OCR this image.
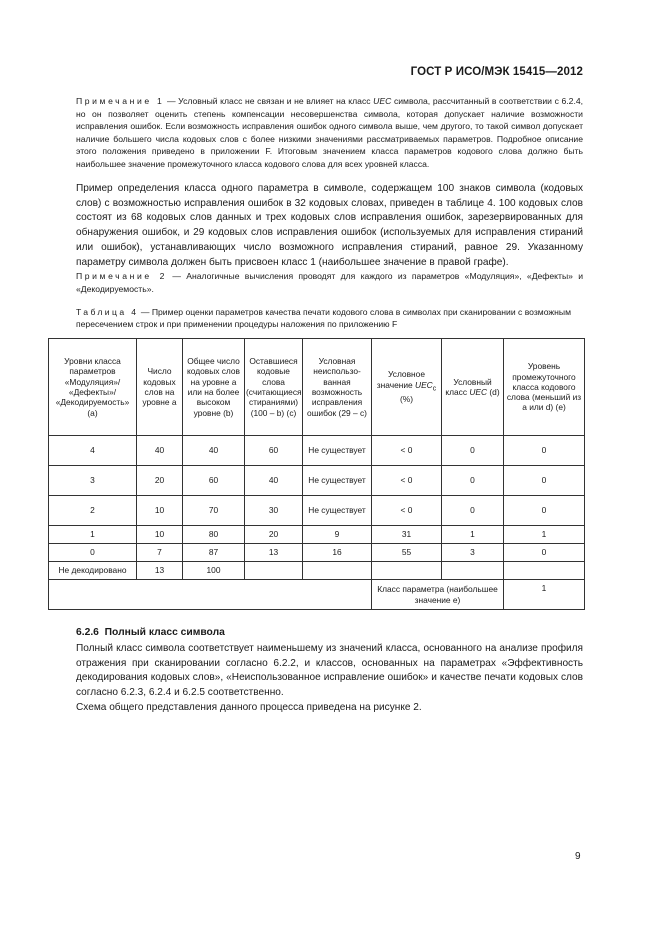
ГОСТ Р ИСО/МЭК 15415—2012
Примечание 1 — Условный класс не связан и не влияет на класс UEC символа, рассчитанный в соответствии с 6.2.4, но он позволяет оценить степень компенсации несовершенства символа, которая допускает наличие возможности исправления ошибок. Если возможность исправления ошибок одного символа выше, чем другого, то такой символ допускает наличие большего числа кодовых слов с более низкими значениями рассматриваемых параметров. Подробное описание этого положения приведено в приложении F. Итоговым значением класса параметров кодового слова должно быть наибольшее значение промежуточного класса кодового слова для всех уровней класса.
Пример определения класса одного параметра в символе, содержащем 100 знаков символа (кодовых слов) с возможностью исправления ошибок в 32 кодовых словах, приведен в таблице 4. 100 кодовых слов состоят из 68 кодовых слов данных и трех кодовых слов исправления ошибок, зарезервированных для обнаружения ошибок, и 29 кодовых слов исправления ошибок (используемых для исправления стираний или ошибок), устанавливающих число возможного исправления стираний, равное 29. Указанному параметру символа должен быть присвоен класс 1 (наибольшее значение в правой графе).
Примечание 2 — Аналогичные вычисления проводят для каждого из параметров «Модуляция», «Дефекты» и «Декодируемость».
Таблица 4 — Пример оценки параметров качества печати кодового слова в символах при сканировании с возможным пересечением строк и при применении процедуры наложения по приложению F
Уровни класса параметров «Модуляция»/ «Дефекты»/ «Декодируемость» (a)	Число кодовых слов на уровне a	Общее число кодовых слов на уровне a или на более высоком уровне (b)	Оставшиеся кодовые слова (считающиеся стираниями) (100 – b) (c)	Условная неиспользованная возможность исправления ошибок (29 – c)	Условное значение $UEC_с$ (%)	Условный класс UEC (d)	Уровень промежуточного класса кодового слова (меньший из a или d) (e)
4	40	40	60	Не существует	< 0	0	0
3	20	60	40	Не существует	< 0	0	0
2	10	70	30	Не существует	< 0	0	0
1	10	80	20	9	31	1	1
0	7	87	13	16	55	3	0
Не декодировано	13	100					
					Класс параметра (наибольшее значение e)		1
6.2.6 Полный класс символа
Полный класс символа соответствует наименьшему из значений класса, основанного на анализе профиля отражения при сканировании согласно 6.2.2, и классов, основанных на параметрах «Эффективность декодирования кодовых слов», «Неиспользованное исправление ошибок» и качестве печати кодовых слов согласно 6.2.3, 6.2.4 и 6.2.5 соответственно.
Схема общего представления данного процесса приведена на рисунке 2.
9
